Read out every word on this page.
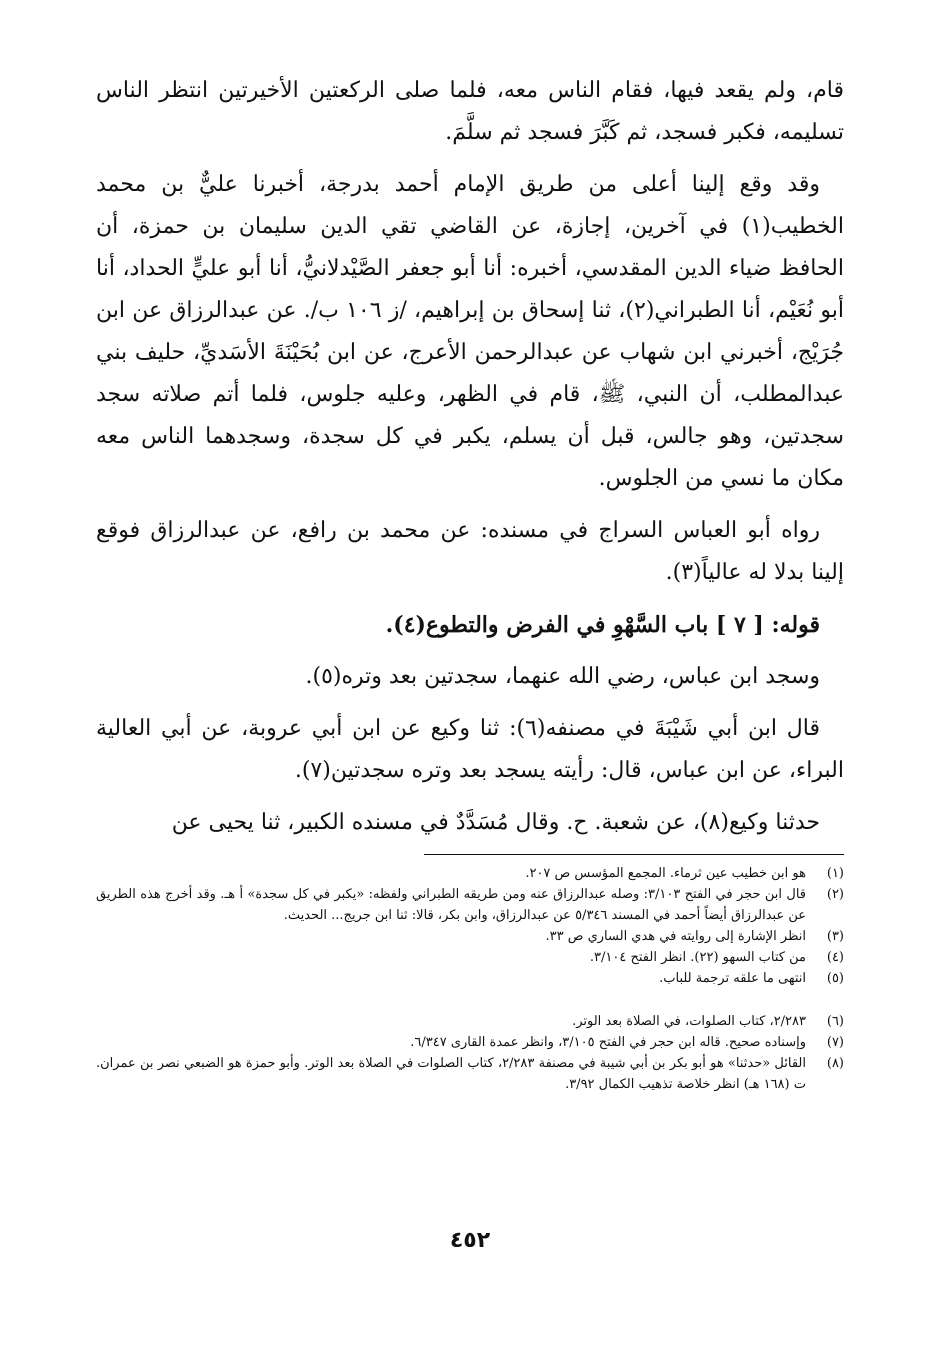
قام، ولم يقعد فيها، فقام الناس معه، فلما صلى الركعتين الأخيرتين انتظر الناس تسليمه، فكبر فسجد، ثم كَبَّرَ فسجد ثم سلَّمَ.

وقد وقع إلينا أعلى من طريق الإمام أحمد بدرجة، أخبرنا عليٌّ بن محمد الخطيب(١) في آخرين، إجازة، عن القاضي تقي الدين سليمان بن حمزة، أن الحافظ ضياء الدين المقدسي، أخبره: أنا أبو جعفر الصَّيْدلانيُّ، أنا أبو عليٍّ الحداد، أنا أبو نُعَيْم، أنا الطبراني(٢)، ثنا إسحاق بن إبراهيم، /ز ١٠٦ ب/. عن عبدالرزاق عن ابن جُرَيْج، أخبرني ابن شهاب عن عبدالرحمن الأعرج، عن ابن بُحَيْنَةَ الأسَديِّ، حليف بني عبدالمطلب، أن النبي، ﷺ، قام في الظهر، وعليه جلوس، فلما أتم صلاته سجد سجدتين، وهو جالس، قبل أن يسلم، يكبر في كل سجدة، وسجدهما الناس معه مكان ما نسي من الجلوس.

رواه أبو العباس السراج في مسنده: عن محمد بن رافع، عن عبدالرزاق فوقع إلينا بدلا له عالياً(٣).

قوله: [ ٧ ] باب السَّهْوِ في الفرض والتطوع(٤).

وسجد ابن عباس، رضي الله عنهما، سجدتين بعد وتره(٥).

قال ابن أبي شَيْبَةَ في مصنفه(٦): ثنا وكيع عن ابن أبي عروبة، عن أبي العالية البراء، عن ابن عباس، قال: رأيته يسجد بعد وتره سجدتين(٧).

حدثنا وكيع(٨)، عن شعبة. ح. وقال مُسَدَّدٌ في مسنده الكبير، ثنا يحيى عن

(١)
هو ابن خطيب عين ثرماء. المجمع المؤسس ص ٢٠٧.
(٢)
قال ابن حجر في الفتح ٣/١٠٣: وصله عبدالرزاق عنه ومن طريقه الطبراني ولفظه: «يكبر في كل سجدة» أ هـ. وقد أخرج هذه الطريق عن عبدالرزاق أيضاً أحمد في المسند ٥/٣٤٦ عن عبدالرزاق، وابن بكر، قالا: ثنا ابن جريج... الحديث.
(٣)
انظر الإشارة إلى روايته في هدي الساري ص ٣٣.
(٤)
من كتاب السهو (٢٢). انظر الفتح ٣/١٠٤.
(٥)
انتهى ما علقه ترجمة للباب.
(٦)
٢/٢٨٣، كتاب الصلوات، في الصلاة بعد الوتر.
(٧)
وإسناده صحيح. قاله ابن حجر في الفتح ٣/١٠٥، وانظر عمدة القارى ٦/٣٤٧.
(٨)
القائل «حدثنا» هو أبو بكر بن أبي شيبة في مصنفة ٢/٢٨٣، كتاب الصلوات في الصلاة بعد الوتر. وأبو حمزة هو الضبعي نصر بن عمران. ت (١٦٨ هـ) انظر خلاصة تذهيب الكمال ٣/٩٢.
٤٥٢
